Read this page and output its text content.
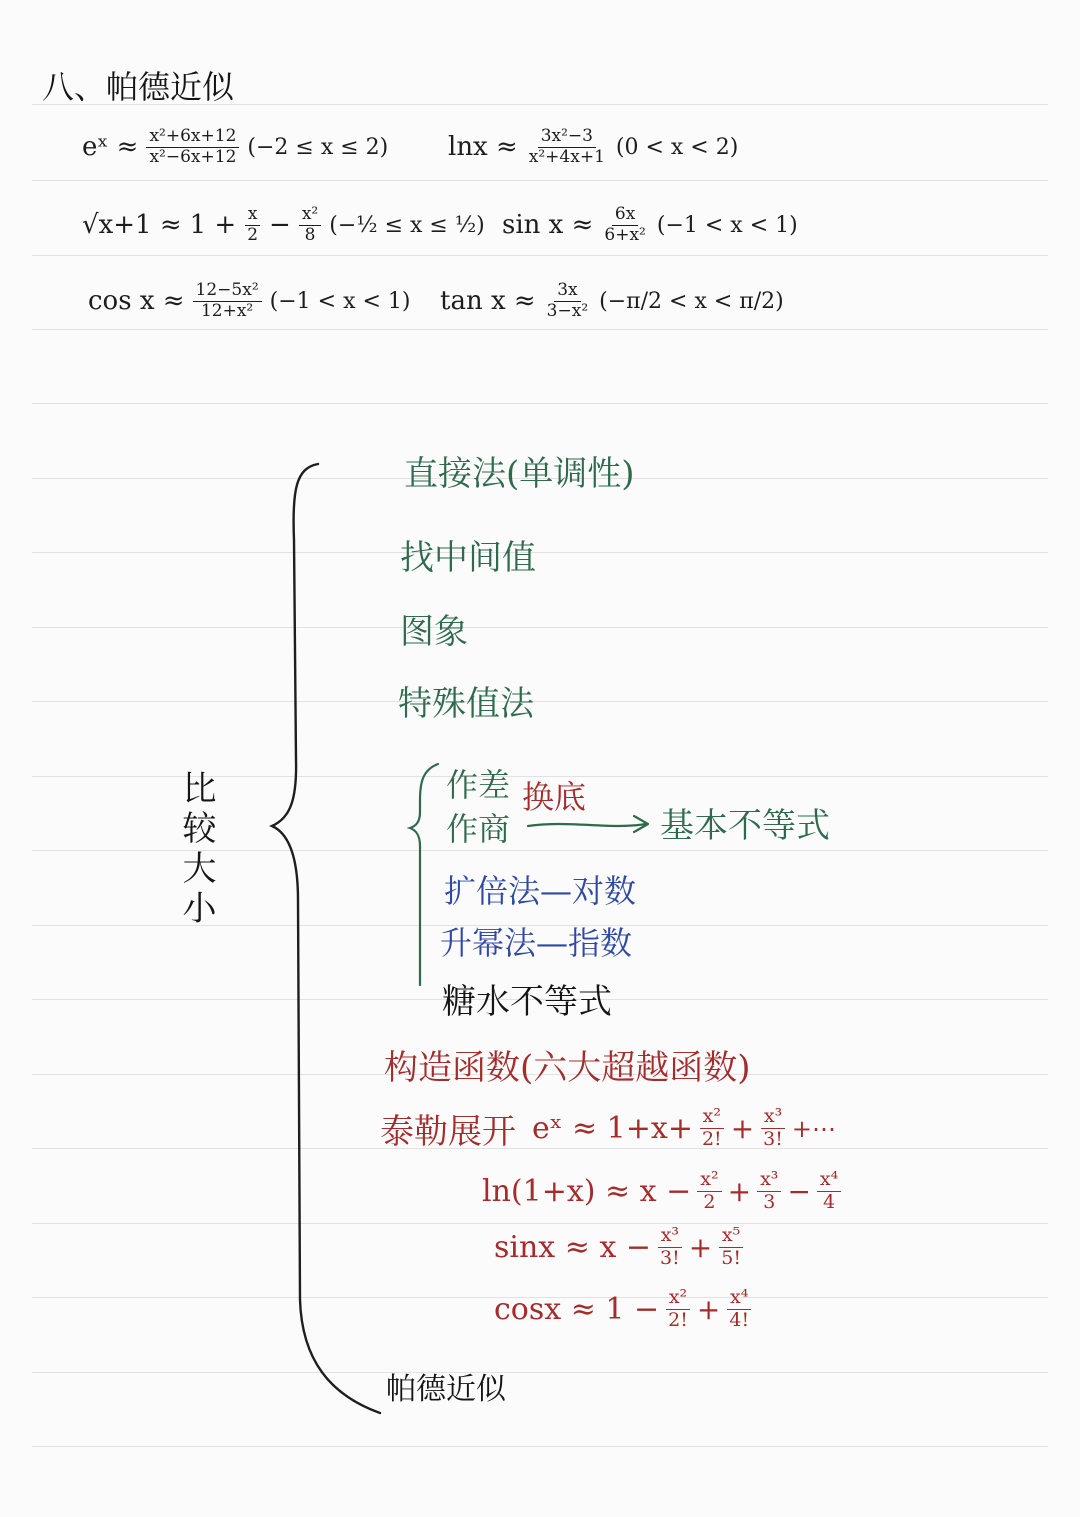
八、帕德近似
eˣ ≈ $\frac{\text{x²+6x+12}}{\text{x²−6x+12}} (-2 \le x \le 2) \ln x \approx \frac{\text{3x²−3}}{\text{x²+4x+1}} (0 < x < 2)$
$√x+1 \approx 1 + \frac{x}{2} - \frac{\text{x²}}{8}$ (−½ ≤ x ≤ ½) $\sin x \approx \frac{6x}{\text{6+x²}} (-1 < x < 1)$
$\cos x \approx \frac{\text{12−5x²}}{\text{12+x²}} (-1 < x < 1)$ $\tan x \approx \frac{3x}{\text{3−x²}} (-\pi/2 < x < \pi/2)$
比较大小
直接法(单调性)
找中间值
图象
特殊值法
作差 换底
作商	基本不等式
扩倍法—对数
升幂法—指数
糖水不等式
构造函数(六大超越函数)
泰勒展开 eˣ ≈ $1+x+ \frac{\text{x²}}{2!} + \frac{\text{x³}}{3!}$ +⋯
$\ln(1+x) \approx x - \frac{\text{x²}}{2} + \frac{\text{x³}}{3} - \frac{\text{x⁴}}{4}$
$\sin x \approx x - \frac{\text{x³}}{3!} + \frac{\text{x⁵}}{5!}$
$\cos x \approx 1 - \frac{\text{x²}}{2!} + \frac{\text{x⁴}}{4!}$
帕德近似
